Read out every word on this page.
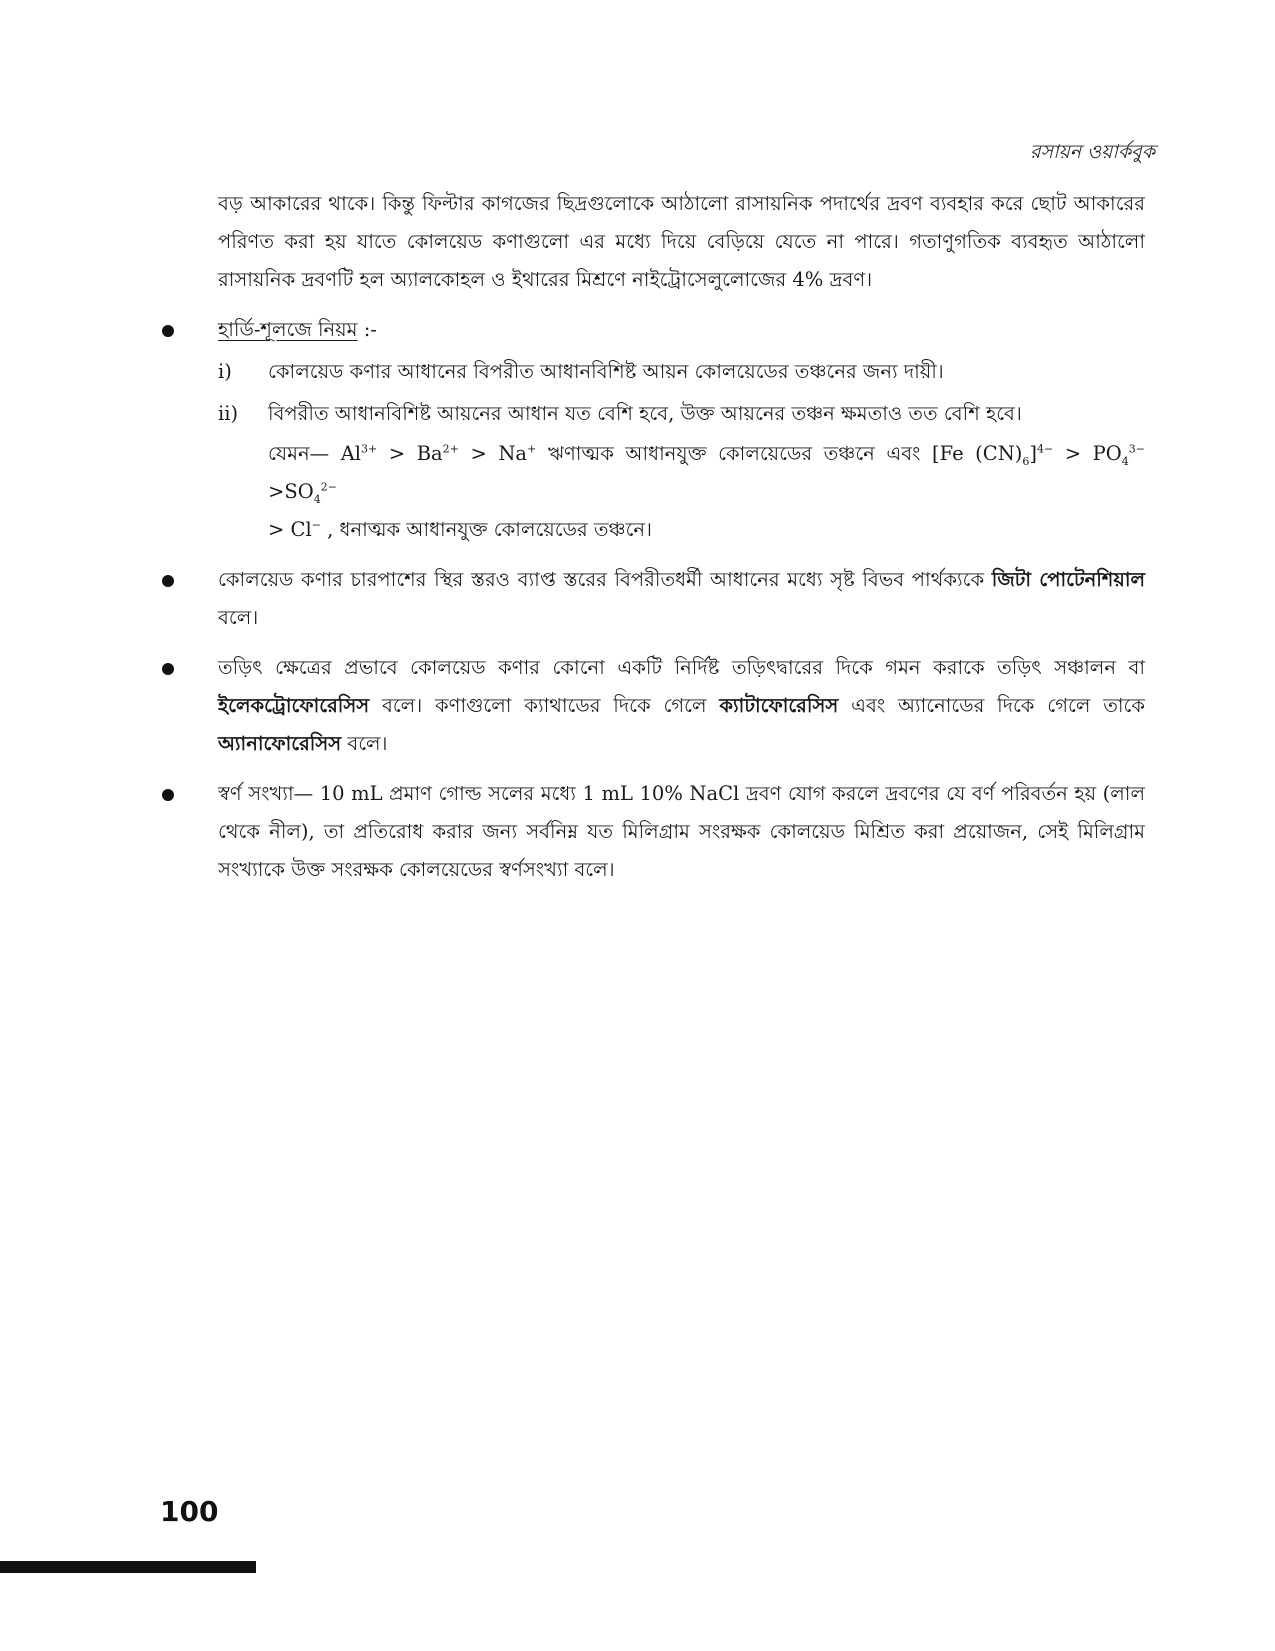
রসায়ন ওয়ার্কবুক

বড় আকারের থাকে। কিন্তু ফিল্টার কাগজের ছিদ্রগুলোকে আঠালো রাসায়নিক পদার্থের দ্রবণ ব্যবহার করে ছোট আকারের পরিণত করা হয় যাতে কোলয়েড কণাগুলো এর মধ্যে দিয়ে বেড়িয়ে যেতে না পারে। গতাণুগতিক ব্যবহৃত আঠালো রাসায়নিক দ্রবণটি হল অ্যালকোহল ও ইথারের মিশ্রণে নাইট্রোসেলুলোজের 4% দ্রবণ।

হার্ডি-শূলজে নিয়ম :-
i) কোলয়েড কণার আধানের বিপরীত আধানবিশিষ্ট আয়ন কোলয়েডের তঞ্চনের জন্য দায়ী।
ii) বিপরীত আধানবিশিষ্ট আয়নের আধান যত বেশি হবে, উক্ত আয়নের তঞ্চন ক্ষমতাও তত বেশি হবে।
যেমন— $Al^{3+} > Ba^{2+} > Na^+$ ঋণাত্মক আধানযুক্ত কোলয়েডের তঞ্চনে এবং [Fe $(CN)_6]^{4-} > PO_4^{3-} >SO_4^{2-}$
> Cl− , ধনাত্মক আধানযুক্ত কোলয়েডের তঞ্চনে।
কোলয়েড কণার চারপাশের স্থির স্তরও ব্যাপ্ত স্তরের বিপরীতধর্মী আধানের মধ্যে সৃষ্ট বিভব পার্থক্যকে জিটা পোটেনশিয়াল বলে।
তড়িৎ ক্ষেত্রের প্রভাবে কোলয়েড কণার কোনো একটি নির্দিষ্ট তড়িৎদ্বারের দিকে গমন করাকে তড়িৎ সঞ্চালন বা ইলেকট্রোফোরেসিস বলে। কণাগুলো ক্যাথাডের দিকে গেলে ক্যাটাফোরেসিস এবং অ্যানোডের দিকে গেলে তাকে অ্যানাফোরেসিস বলে।
স্বর্ণ সংখ্যা— 10 mL প্রমাণ গোল্ড সলের মধ্যে 1 mL 10% NaCl দ্রবণ যোগ করলে দ্রবণের যে বর্ণ পরিবর্তন হয় (লাল থেকে নীল), তা প্রতিরোধ করার জন্য সর্বনিম্ন যত মিলিগ্রাম সংরক্ষক কোলয়েড মিশ্রিত করা প্রয়োজন, সেই মিলিগ্রাম সংখ্যাকে উক্ত সংরক্ষক কোলয়েডের স্বর্ণসংখ্যা বলে।
100
